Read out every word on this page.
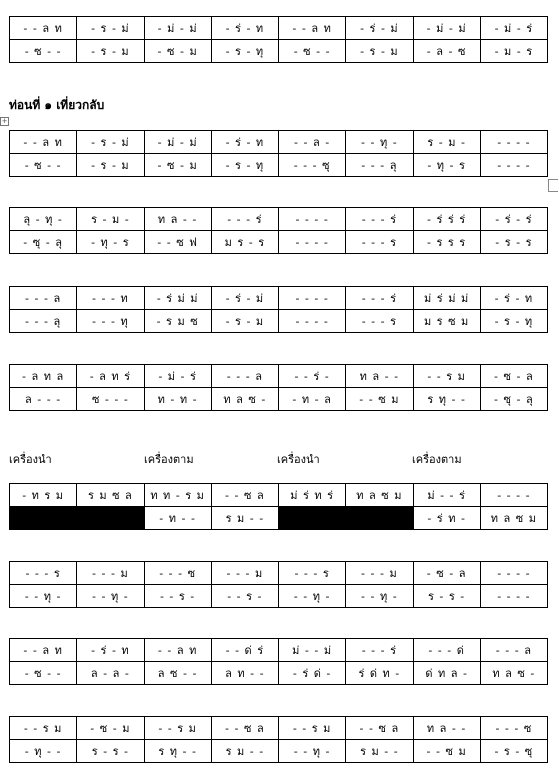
- - ล ท	- ร - ม่	- ม่ - ม่	- ร่ - ท	- - ล ท	- ร่ - ม่	- ม่ - ม่	- ม่ - ร่
- ซ - -	- ร - ม	- ซ - ม	- ร - ทุ	- ซ - -	- ร - ม	- ล - ซ	- ม - ร
ท่อนที่ ๑ เที่ยวกลับ
+
- - ล ท	- ร - ม่	- ม่ - ม่	- ร่ - ท	- - ล -	- - ทุ -	ร - ม -	- - - -
- ซ - -	- ร - ม	- ซ - ม	- ร - ทุ	- - - ซุ	- - - ลุ	- ทุ - ร	- - - -
ลุ - ทุ -	ร - ม -	ท ล - -	- - - ร่	- - - -	- - - ร่	- ร่ ร่ ร่	- ร่ - ร่
- ซุ - ลุ	- ทุ - ร	- - ซ ฟ	ม ร - ร	- - - -	- - - ร	- ร ร ร	- ร - ร
- - - ล	- - - ท	- ร่ ม่ ม่	- ร่ - ม่	- - - -	- - - ร่	ม่ ร่ ม่ ม่	- ร่ - ท
- - - ลุ	- - - ทุ	- ร ม ซ	- ร - ม	- - - -	- - - ร	ม ร ซ ม	- ร - ทุ
- ล ท ล	- ล ท ร่	- ม่ - ร่	- - - ล	- - ร่ -	ท ล - -	- - ร ม	- ซ - ล
ล - - -	ซ - - -	ท - ท -	ท ล ซ -	- ท - ล	- - ซ ม	ร ทุ - -	- ซุ - ลุ
เครื่องนำ	เครื่องตาม	เครื่องนำ	เครื่องตาม
- ท ร ม	ร ม ซ ล	ท ท - ร ม	- - ซ ล	ม่ ร่ ท ร่	ท ล ซ ม	ม่ - - ร่	- - - -
		- ท - -	ร ม - -			- ร่ ท -	ท ล ซ ม
- - - ร	- - - ม	- - - ซ	- - - ม	- - - ร	- - - ม	- ซ - ล	- - - -
- - ทุ -	- - ทุ -	- - ร -	- - ร -	- - ทุ -	- - ทุ -	ร - ร -	- - - -
- - ล ท	- ร่ - ท	- - ล ท	- - ด่ ร่	ม่ - - ม่	- - - ร่	- - - ด่	- - - ล
- ซ - -	ล - ล -	ล ซ - -	ล ท - -	- ร่ ด่ -	ร่ ด่ ท -	ด่ ท ล -	ท ล ซ -
- - ร ม	- ซ - ม	- - ร ม	- - ซ ล	- - ร ม	- - ซ ล	ท ล - -	- - - ซ
- ทุ - -	ร - ร -	ร ทุ - -	ร ม - -	- - ทุ -	ร ม - -	- - ซ ม	- ร - ซุ
